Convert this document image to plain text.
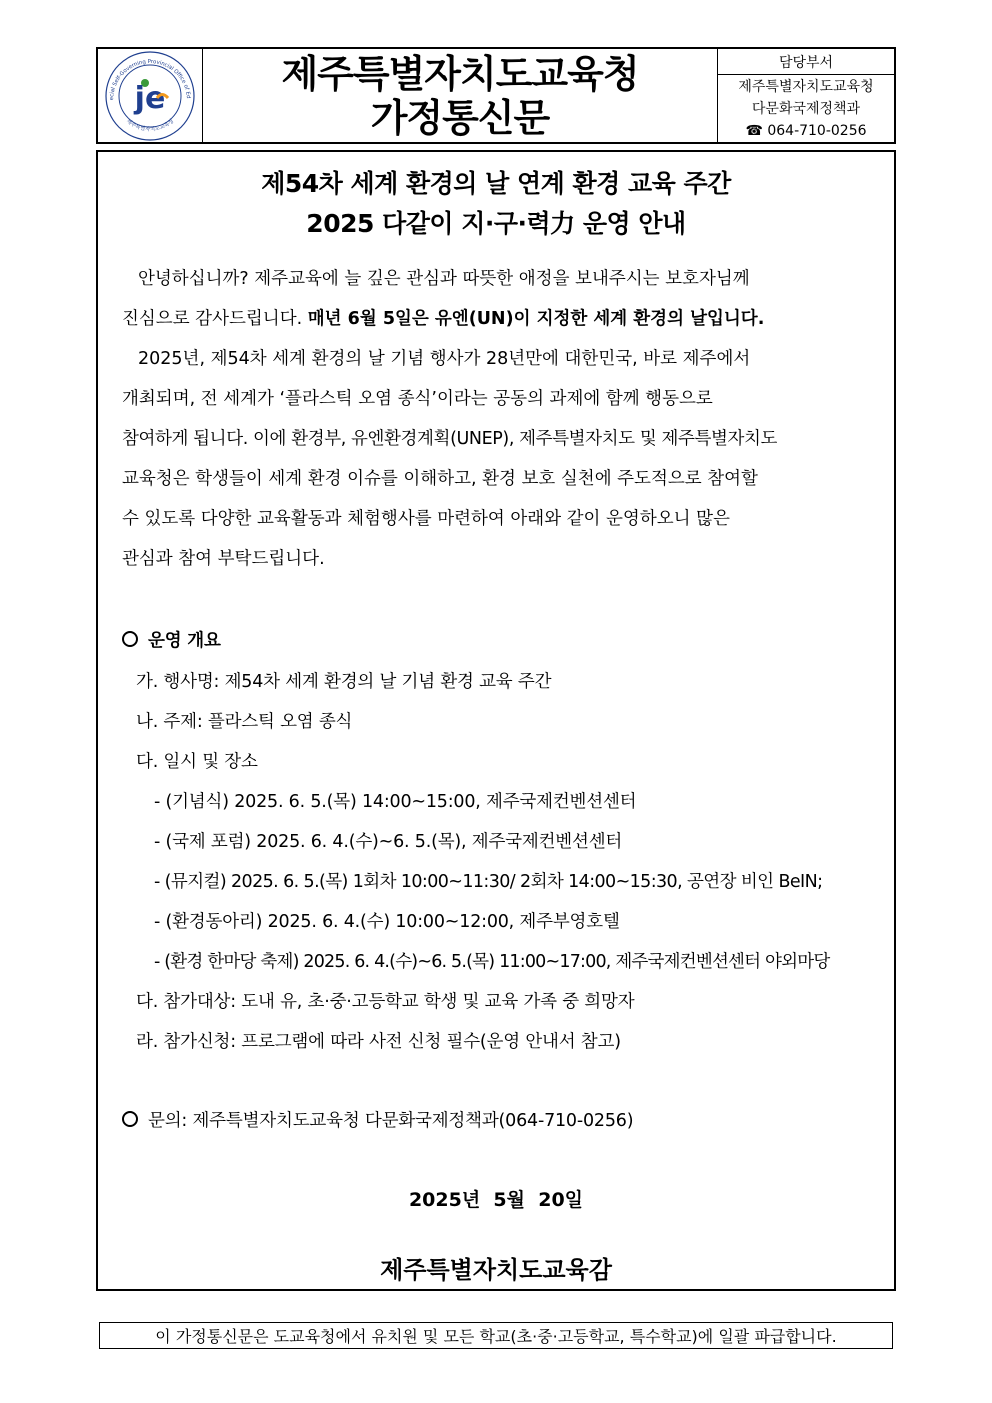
ecial Self-Governing Provincial Office of Ed
제주특별자치도교육청
je
제주특별자치도교육청
가정통신문
담당부서
제주특별자치도교육청
다문화국제정책과
☎ 064-710-0256
제54차 세계 환경의 날 연계 환경 교육 주간
2025 다같이 지·구·력力 운영 안내
안녕하십니까? 제주교육에 늘 깊은 관심과 따뜻한 애정을 보내주시는 보호자님께
진심으로 감사드립니다. 매년 6월 5일은 유엔(UN)이 지정한 세계 환경의 날입니다.
2025년, 제54차 세계 환경의 날 기념 행사가 28년만에 대한민국, 바로 제주에서
개최되며, 전 세계가 ‘플라스틱 오염 종식’이라는 공동의 과제에 함께 행동으로
참여하게 됩니다. 이에 환경부, 유엔환경계획(UNEP), 제주특별자치도 및 제주특별자치도
교육청은 학생들이 세계 환경 이슈를 이해하고, 환경 보호 실천에 주도적으로 참여할
수 있도록 다양한 교육활동과 체험행사를 마련하여 아래와 같이 운영하오니 많은
관심과 참여 부탁드립니다.
운영 개요
가. 행사명: 제54차 세계 환경의 날 기념 환경 교육 주간
나. 주제: 플라스틱 오염 종식
다. 일시 및 장소
- (기념식) 2025. 6. 5.(목) 14:00~15:00, 제주국제컨벤션센터
- (국제 포럼) 2025. 6. 4.(수)~6. 5.(목), 제주국제컨벤션센터
- (뮤지컬) 2025. 6. 5.(목) 1회차 10:00~11:30/ 2회차 14:00~15:30, 공연장 비인 BeIN;
- (환경동아리) 2025. 6. 4.(수) 10:00~12:00, 제주부영호텔
- (환경 한마당 축제) 2025. 6. 4.(수)~6. 5.(목) 11:00~17:00, 제주국제컨벤션센터 야외마당
다. 참가대상: 도내 유, 초·중·고등학교 학생 및 교육 가족 중 희망자
라. 참가신청: 프로그램에 따라 사전 신청 필수(운영 안내서 참고)
문의: 제주특별자치도교육청 다문화국제정책과(064-710-0256)
2025년  5월  20일
제주특별자치도교육감
이 가정통신문은 도교육청에서 유치원 및 모든 학교(초·중·고등학교, 특수학교)에 일괄 파급합니다.
